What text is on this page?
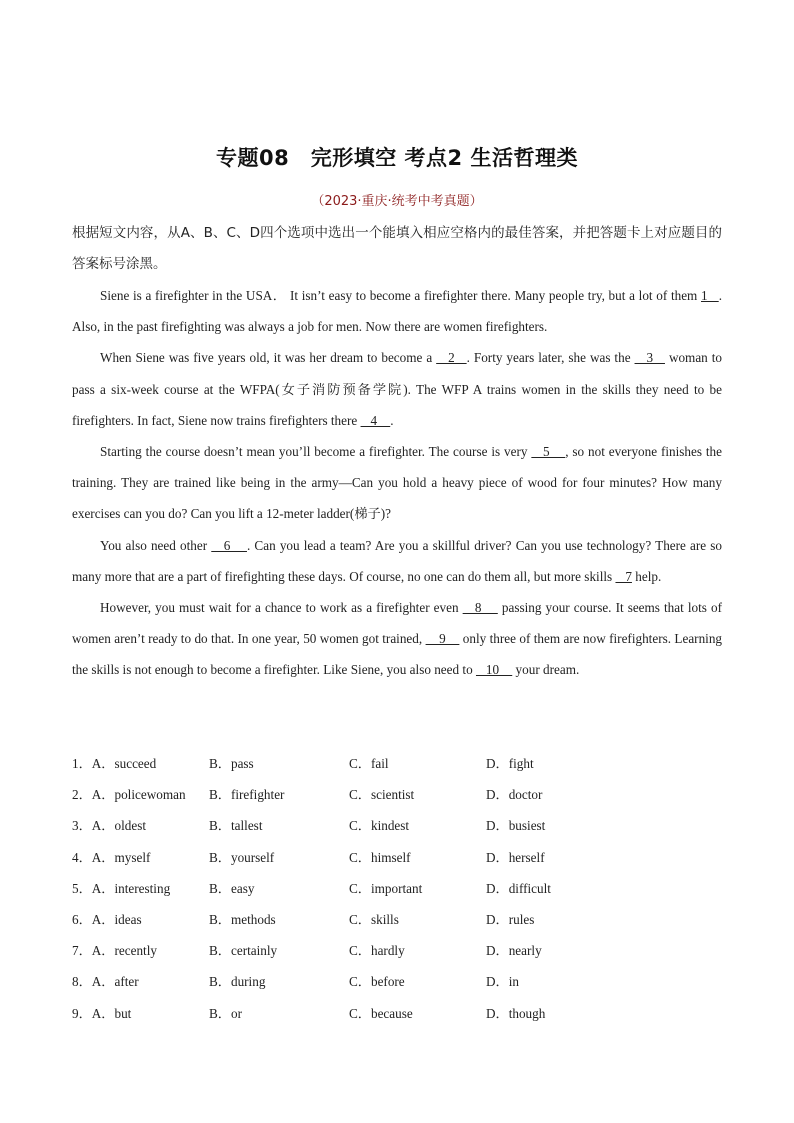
专题08　完形填空 考点2 生活哲理类
（2023·重庆·统考中考真题）
根据短文内容，从A、B、C、D四个选项中选出一个能填入相应空格内的最佳答案，并把答题卡上对应题目的答案标号涂黑。

Siene is a firefighter in the USA． It isn’t easy to become a firefighter there. Many people try, but a lot of them 1   . Also, in the past firefighting was always a job for men. Now there are women firefighters.

When Siene was five years old, it was her dream to become a    2   . Forty years later, she was the    3    woman to pass a six-week course at the WFPA(女子消防预备学院). The WFP A trains women in the skills they need to be firefighters. In fact, Siene now trains firefighters there    4    .

Starting the course doesn’t mean you’ll become a firefighter. The course is very    5    , so not everyone finishes the training. They are trained like being in the army—Can you hold a heavy piece of wood for four minutes? How many exercises can you do? Can you lift a 12-meter ladder(梯子)?

You also need other    6    . Can you lead a team? Are you a skillful driver? Can you use technology? There are so many more that are a part of firefighting these days. Of course, no one can do them all, but more skills    7 help.

However, you must wait for a chance to work as a firefighter even    8     passing your course. It seems that lots of women aren’t ready to do that. In one year, 50 women got trained,     9     only three of them are now firefighters. Learning the skills is not enough to become a firefighter. Like Siene, you also need to    10     your dream.

1．A．succeed	B．pass	C．fail	D．fight
2．A．policewoman B．firefighter	C．scientist	D．doctor
3．A．oldest	B．tallest	C．kindest	D．busiest
4．A．myself	B．yourself	C．himself	D．herself
5．A．interesting	B．easy	C．important	D．difficult
6．A．ideas	B．methods	C．skills	D．rules
7．A．recently	B．certainly	C．hardly	D．nearly
8．A．after	B．during	C．before	D．in
9．A．but	B．or	C．because	D．though
